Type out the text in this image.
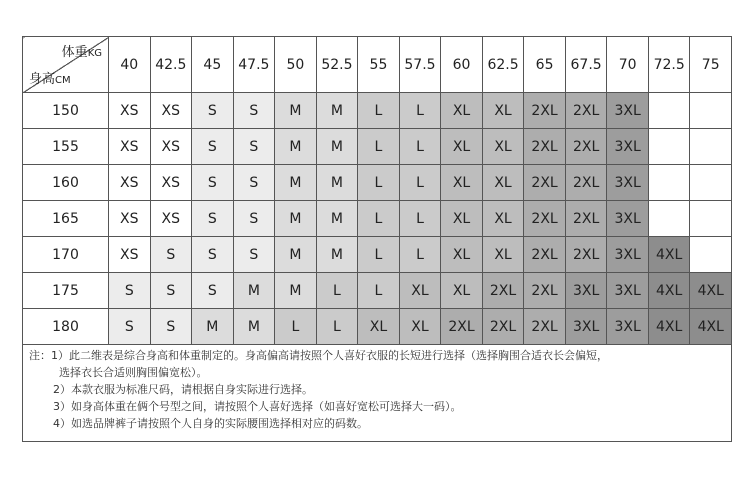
体重KG
身高CM	40	42.5	45	47.5	50	52.5	55	57.5	60	62.5	65	67.5	70	72.5	75
150	XS	XS	S	S	M	M	L	L	XL	XL	2XL	2XL	3XL		
155	XS	XS	S	S	M	M	L	L	XL	XL	2XL	2XL	3XL		
160	XS	XS	S	S	M	M	L	L	XL	XL	2XL	2XL	3XL		
165	XS	XS	S	S	M	M	L	L	XL	XL	2XL	2XL	3XL		
170	XS	S	S	S	M	M	L	L	XL	XL	2XL	2XL	3XL	4XL	
175	S	S	S	M	M	L	L	XL	XL	2XL	2XL	3XL	3XL	4XL	4XL
180	S	S	M	M	L	L	XL	XL	2XL	2XL	2XL	3XL	3XL	4XL	4XL
注：1）此二维表是综合身高和体重制定的。身高偏高请按照个人喜好衣服的长短进行选择（选择胸围合适衣长会偏短，
选择衣长合适则胸围偏宽松）。
2）本款衣服为标准尺码，请根据自身实际进行选择。
3）如身高体重在俩个号型之间，请按照个人喜好选择（如喜好宽松可选择大一码）。
4）如选品牌裤子请按照个人自身的实际腰围选择相对应的码数。
